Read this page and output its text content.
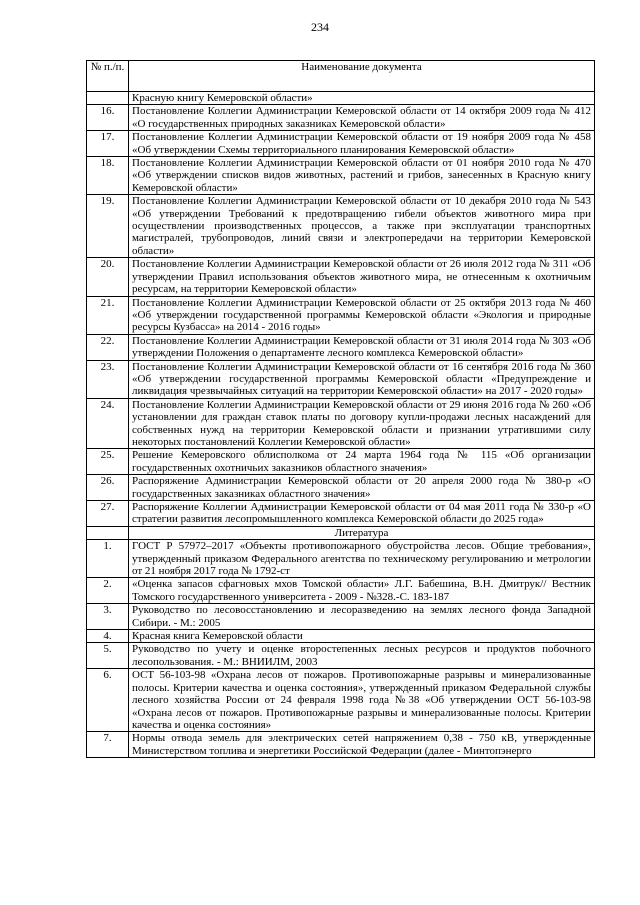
234
№ п./п.	Наименование документа
	Красную книгу Кемеровской области»
16.	Постановление Коллегии Администрации Кемеровской области от 14 октября 2009 года № 412 «О государственных природных заказниках Кемеровской области»
17.	Постановление Коллегии Администрации Кемеровской области от 19 ноября 2009 года № 458 «Об утверждении Схемы территориального планирования Кемеровской области»
18.	Постановление Коллегии Администрации Кемеровской области от 01 ноября 2010 года № 470 «Об утверждении списков видов животных, растений и грибов, занесенных в Красную книгу Кемеровской области»
19.	Постановление Коллегии Администрации Кемеровской области от 10 декабря 2010 года № 543 «Об утверждении Требований к предотвращению гибели объектов животного мира при осуществлении производственных процессов, а также при эксплуатации транспортных магистралей, трубопроводов, линий связи и электропередачи на территории Кемеровской области»
20.	Постановление Коллегии Администрации Кемеровской области от 26 июля 2012 года № 311 «Об утверждении Правил использования объектов животного мира, не отнесенным к охотничьим ресурсам, на территории Кемеровской области»
21.	Постановление Коллегии Администрации Кемеровской области от 25 октября 2013 года № 460 «Об утверждении государственной программы Кемеровской области «Экология и природные ресурсы Кузбасса» на 2014 - 2016 годы»
22.	Постановление Коллегии Администрации Кемеровской области от 31 июля 2014 года № 303 «Об утверждении Положения о департаменте лесного комплекса Кемеровской области»
23.	Постановление Коллегии Администрации Кемеровской области от 16 сентября 2016 года № 360 «Об утверждении государственной программы Кемеровской области «Предупреждение и ликвидация чрезвычайных ситуаций на территории Кемеровской области» на 2017 - 2020 годы»
24.	Постановление Коллегии Администрации Кемеровской области от 29 июня 2016 года № 260 «Об установлении для граждан ставок платы по договору купли-продажи лесных насаждений для собственных нужд на территории Кемеровской области и признании утратившими силу некоторых постановлений Коллегии Кемеровской области»
25.	Решение Кемеровского облисполкома от 24 марта 1964 года № 115 «Об организации государственных охотничьих заказников областного значения»
26.	Распоряжение Администрации Кемеровской области от 20 апреля 2000 года № 380-р «О государственных заказниках областного значения»
27.	Распоряжение Коллегии Администрации Кемеровской области от 04 мая 2011 года № 330-р «О стратегии развития лесопромышленного комплекса Кемеровской области до 2025 года»
	Литература
1.	ГОСТ Р 57972–2017 «Объекты противопожарного обустройства лесов. Общие требования», утвержденный приказом Федерального агентства по техническому регулированию и метрологии от 21 ноября 2017 года № 1792-ст
2.	«Оценка запасов сфагновых мхов Томской области» Л.Г. Бабешина, В.Н. Дмитрук// Вестник Томского государственного университета - 2009 - №328.-С. 183-187
3.	Руководство по лесовосстановлению и лесоразведению на землях лесного фонда Западной Сибири. - М.: 2005
4.	Красная книга Кемеровской области
5.	Руководство по учету и оценке второстепенных лесных ресурсов и продуктов побочного лесопользования. - М.: ВНИИЛМ, 2003
6.	ОСТ 56-103-98 «Охрана лесов от пожаров. Противопожарные разрывы и минерализованные полосы. Критерии качества и оценка состояния», утвержденный приказом Федеральной службы лесного хозяйства России от 24 февраля 1998 года №38 «Об утверждении ОСТ 56-103-98 «Охрана лесов от пожаров. Противопожарные разрывы и минерализованные полосы. Критерии качества и оценка состояния»
7.	Нормы отвода земель для электрических сетей напряжением 0,38 - 750 кВ, утвержденные Министерством топлива и энергетики Российской Федерации (далее - Минтопэнерго
